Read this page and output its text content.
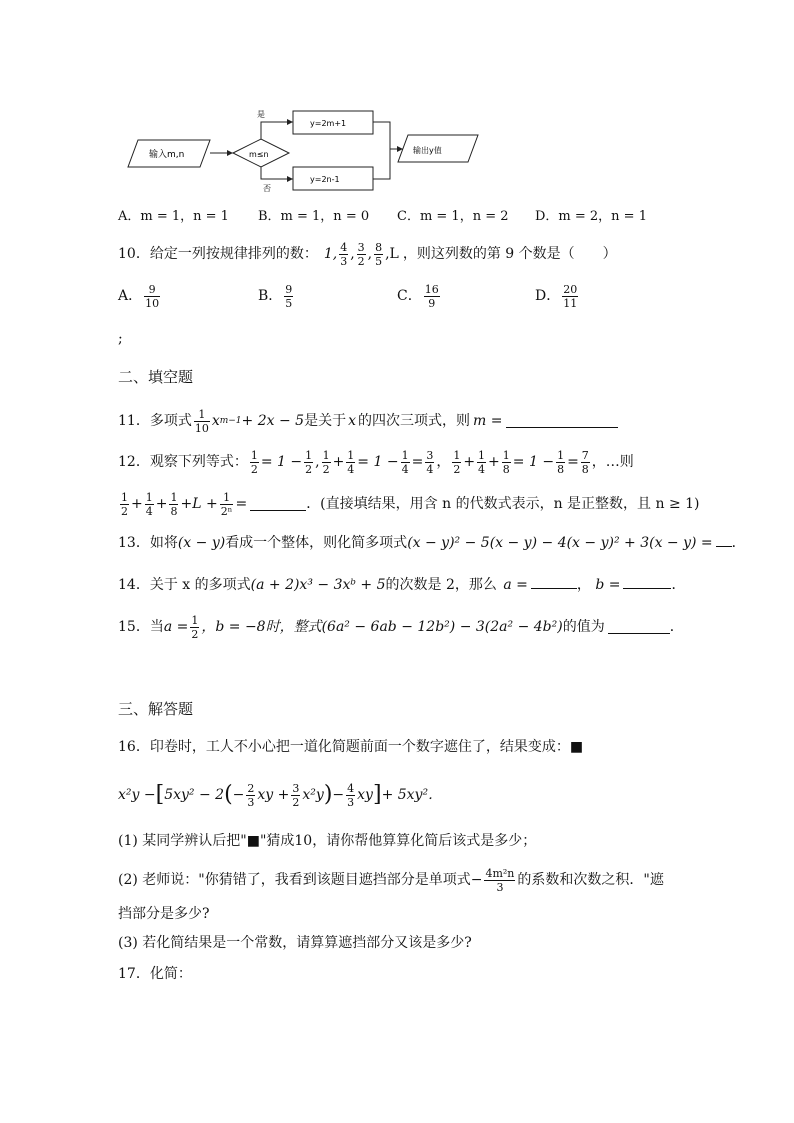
输入m,n	m≤n
是
否
y=2m+1
y=2n-1
输出y值
A．m = 1，n = 1 B．m = 1，n = 0 C．m = 1，n = 2 D．m = 2，n = 1
10．给定一列按规律排列的数： 1, $\frac{4}{3}$ , $\frac{3}{2}$ , $\frac{8}{5} ,L$ ，则这列数的第 9 个数是（　　）
A． $\frac{9}{10}$	B． $\frac{9}{5}$	C． $\frac{16}{9}$	D． $\frac{20}{11}$
;
二、填空题
11．多项式 $\frac{1}{10}$ x m−1 + 2x − 5 是关于 x 的四次三项式，则 m =
12．观察下列等式： $\frac{1}{2} = 1 - \frac{1}{2}$ , $\frac{1}{2} + \frac{1}{4} = 1 - \frac{1}{4} = \frac{3}{4}$ ， $\frac{1}{2} + \frac{1}{4} + \frac{1}{8} = 1 - \frac{1}{8} = \frac{7}{8}$ ，…则
$\frac{1}{2} + \frac{1}{4} + \frac{1}{8} +L + \frac{1}{\text{2ⁿ}}$ =	．(直接填结果，用含 n 的代数式表示，n 是正整数，且 n ≥ 1)
13．如将(x − y)看成一个整体，则化简多项式(x − y)² − 5(x − y) − 4(x − y)² + 3(x − y) = ．
14．关于 x 的多项式(a + 2)x³ − 3xᵇ + 5的次数是 2，那么 a =	， b =	．
15．当 $a = \frac{1}{2}$ ，b = −8时，整式 (6a² − 6ab − 12b²) − 3(2a² − 4b²) 的值为	．
三、解答题
16．印卷时，工人不小心把一道化简题前面一个数字遮住了，结果变成：■
x²y − [ 5xy² − 2 ( − $\frac{2}{3}$ xy + $\frac{3}{2} x^2y$ ) − $\frac{4}{3}$ xy ] + 5xy²．
(1) 某同学辨认后把"■"猜成10，请你帮他算算化简后该式是多少；
(2) 老师说："你猜错了，我看到该题目遮挡部分是单项式 − $\frac{\text{4m²n}}{3}$ 的系数和次数之积．"遮
挡部分是多少?
(3) 若化简结果是一个常数，请算算遮挡部分又该是多少?
17．化简：
